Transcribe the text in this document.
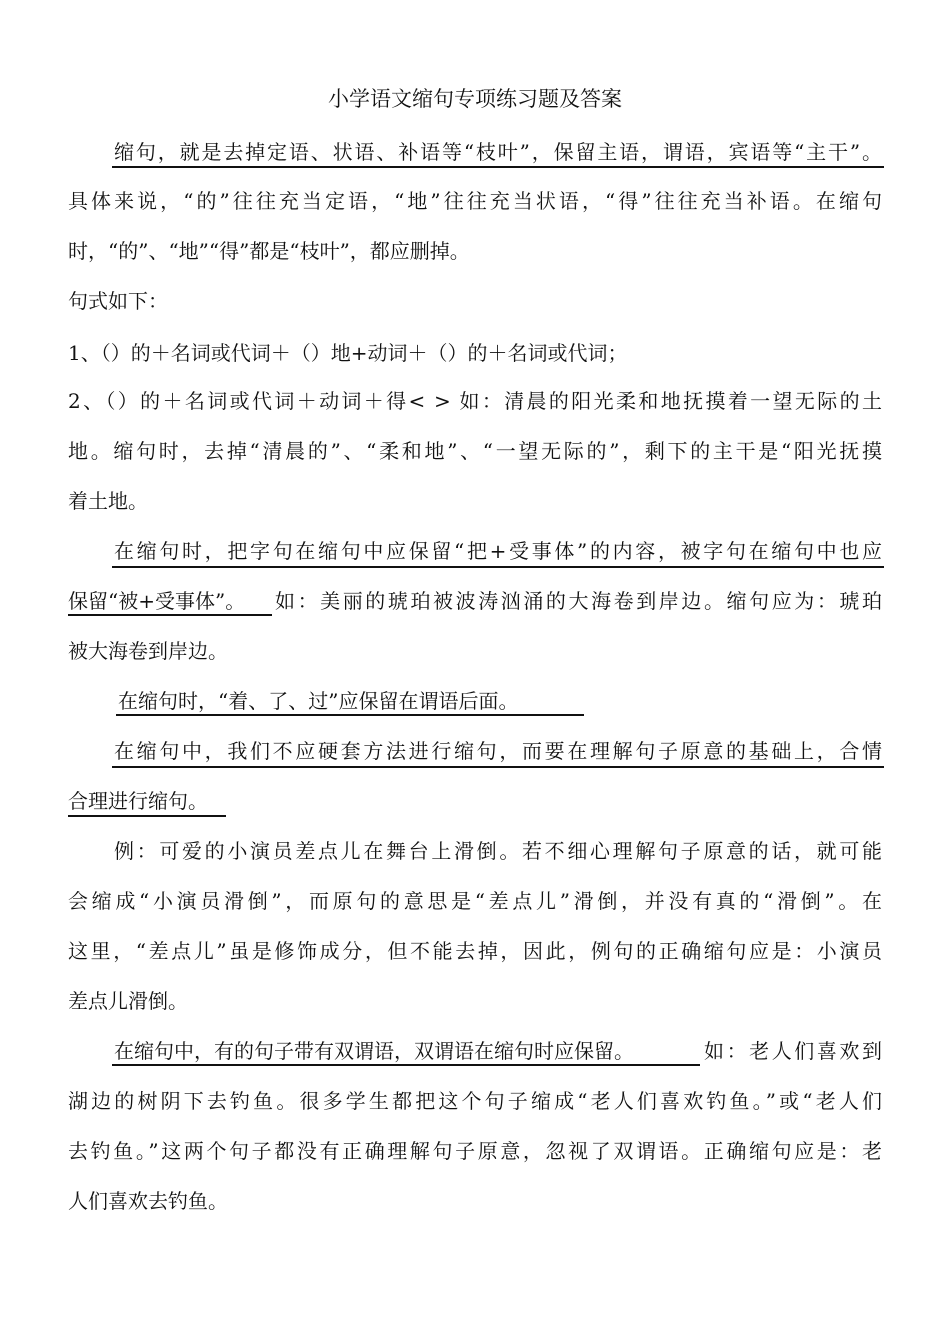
小学语文缩句专项练习题及答案
缩句，就是去掉定语、状语、补语等“枝叶”，保留主语，谓语，宾语等“主干”。
具体来说，“的”往往充当定语，“地”往往充当状语，“得”往往充当补语。在缩句
时，“的”、“地”“得”都是“枝叶”，都应删掉。
句式如下：
1、（）的＋名词或代词＋（）地+动词＋（）的＋名词或代词；
2、（）的＋名词或代词＋动词＋得< > 如：清晨的阳光柔和地抚摸着一望无际的土
地。缩句时，去掉“清晨的”、“柔和地”、“一望无际的”，剩下的主干是“阳光抚摸
着土地。
在缩句时，把字句在缩句中应保留“把+受事体”的内容，被字句在缩句中也应
保留“被+受事体”。	如：美丽的琥珀被波涛汹涌的大海卷到岸边。缩句应为：琥珀
被大海卷到岸边。
在缩句时，“着、了、过”应保留在谓语后面。
在缩句中，我们不应硬套方法进行缩句，而要在理解句子原意的基础上，合情
合理进行缩句。
例：可爱的小演员差点儿在舞台上滑倒。若不细心理解句子原意的话，就可能
会缩成“小演员滑倒”，而原句的意思是“差点儿”滑倒，并没有真的“滑倒”。在
这里，“差点儿”虽是修饰成分，但不能去掉，因此，例句的正确缩句应是：小演员
差点儿滑倒。
在缩句中，有的句子带有双谓语，双谓语在缩句时应保留。	如：老人们喜欢到
湖边的树阴下去钓鱼。很多学生都把这个句子缩成“老人们喜欢钓鱼。”或“老人们
去钓鱼。”这两个句子都没有正确理解句子原意，忽视了双谓语。正确缩句应是：老
人们喜欢去钓鱼。
